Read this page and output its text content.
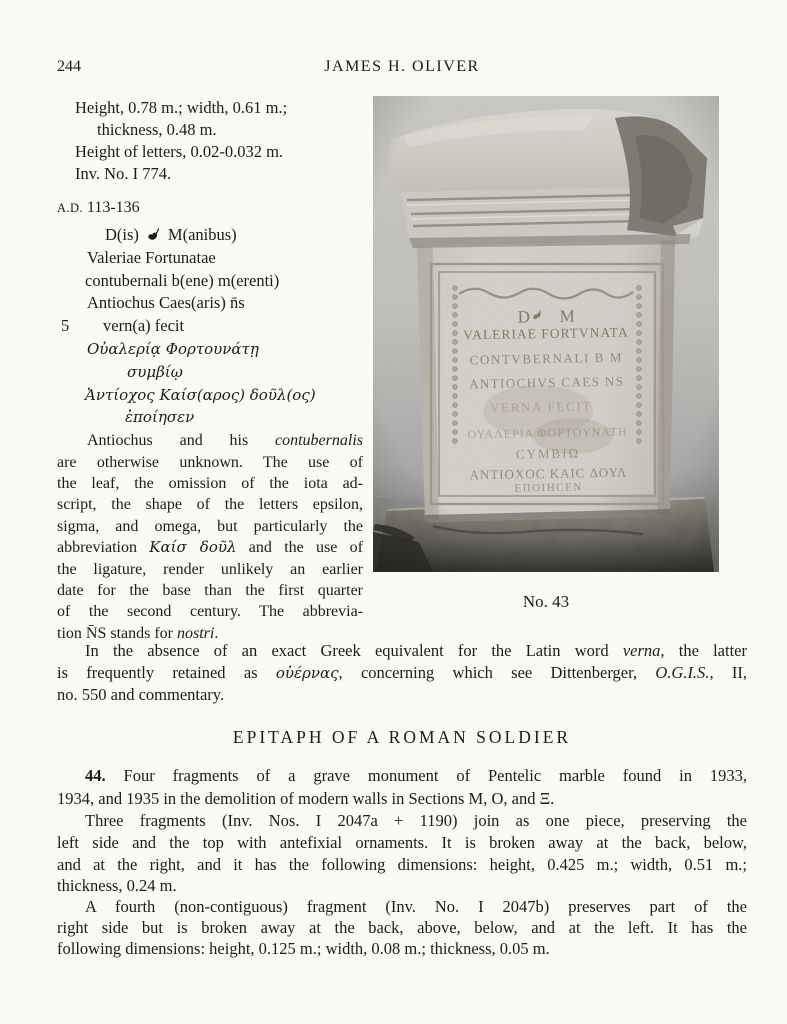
244	JAMES H. OLIVER
Height, 0.78 m.; width, 0.61 m.;
thickness, 0.48 m.
Height of letters, 0.02-0.032 m.
Inv. No. I 774.
A.D. 113-136
D(is) M(anibus)
Valeriae Fortunatae
contubernali b(ene) m(erenti)
Antiochus Caes(aris) n̄s
5 vern(a) fecit
Οὐαλερίᾳ Φορτουνάτῃ
συμβίῳ
Ἀντίοχος Καίσ(αρος) δοῦλ(ος)
ἐποίησεν
Antiochus and his contubernalis
are otherwise unknown. The use of
the leaf, the omission of the iota ad-
script, the shape of the letters epsilon,
sigma, and omega, but particularly the
abbreviation Καίσ δοῦλ and the use of
the ligature, render unlikely an earlier
date for the base than the first quarter
of the second century. The abbrevia-
tion N̄S stands for nostri.
No. 43
In the absence of an exact Greek equivalent for the Latin word verna, the latter
is frequently retained as οὐέρνας, concerning which see Dittenberger, O.G.I.S., II,
no. 550 and commentary.
EPITAPH OF A ROMAN SOLDIER
44. Four fragments of a grave monument of Pentelic marble found in 1933,
1934, and 1935 in the demolition of modern walls in Sections Μ, Ο, and Ξ.
Three fragments (Inv. Nos. I 2047a + 1190) join as one piece, preserving the
left side and the top with antefixial ornaments. It is broken away at the back, below,
and at the right, and it has the following dimensions: height, 0.425 m.; width, 0.51 m.;
thickness, 0.24 m.
A fourth (non-contiguous) fragment (Inv. No. I 2047b) preserves part of the
right side but is broken away at the back, above, below, and at the left. It has the
following dimensions: height, 0.125 m.; width, 0.08 m.; thickness, 0.05 m.
